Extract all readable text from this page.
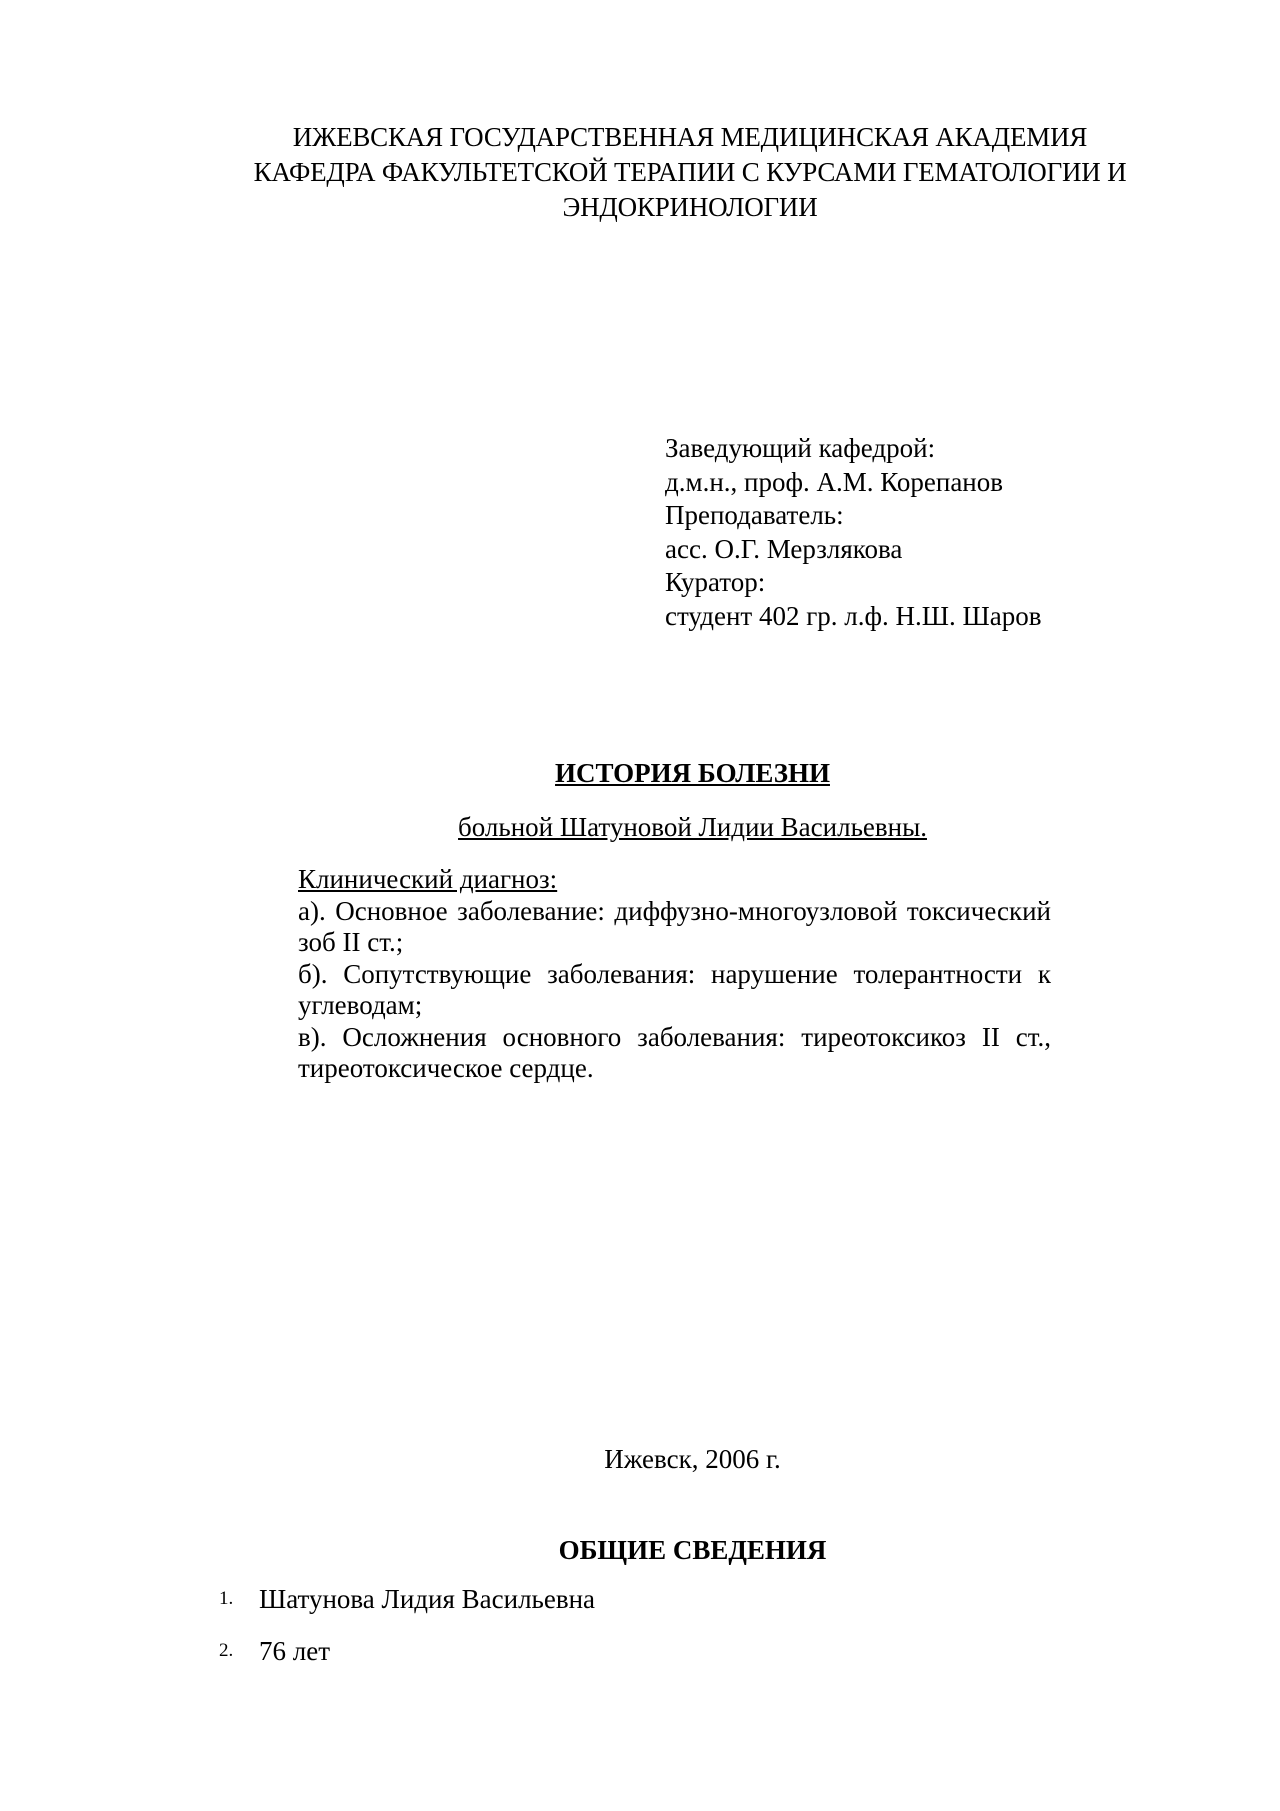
ИЖЕВСКАЯ ГОСУДАРСТВЕННАЯ МЕДИЦИНСКАЯ АКАДЕМИЯ
КАФЕДРА ФАКУЛЬТЕТСКОЙ ТЕРАПИИ С КУРСАМИ ГЕМАТОЛОГИИ И
ЭНДОКРИНОЛОГИИ
Заведующий кафедрой:
д.м.н., проф. А.М. Корепанов
Преподаватель:
асс. О.Г. Мерзлякова
Куратор:
студент 402 гр. л.ф. Н.Ш. Шаров
ИСТОРИЯ БОЛЕЗНИ
больной Шатуновой Лидии Васильевны.
Клинический диагноз:
а). Основное заболевание: диффузно-многоузловой токсический зоб II ст.;
б). Сопутствующие заболевания: нарушение толерантности к углеводам;
в). Осложнения основного заболевания: тиреотоксикоз II ст., тиреотоксическое сердце.
Ижевск, 2006 г.
ОБЩИЕ СВЕДЕНИЯ
1. Шатунова Лидия Васильевна
2. 76 лет
